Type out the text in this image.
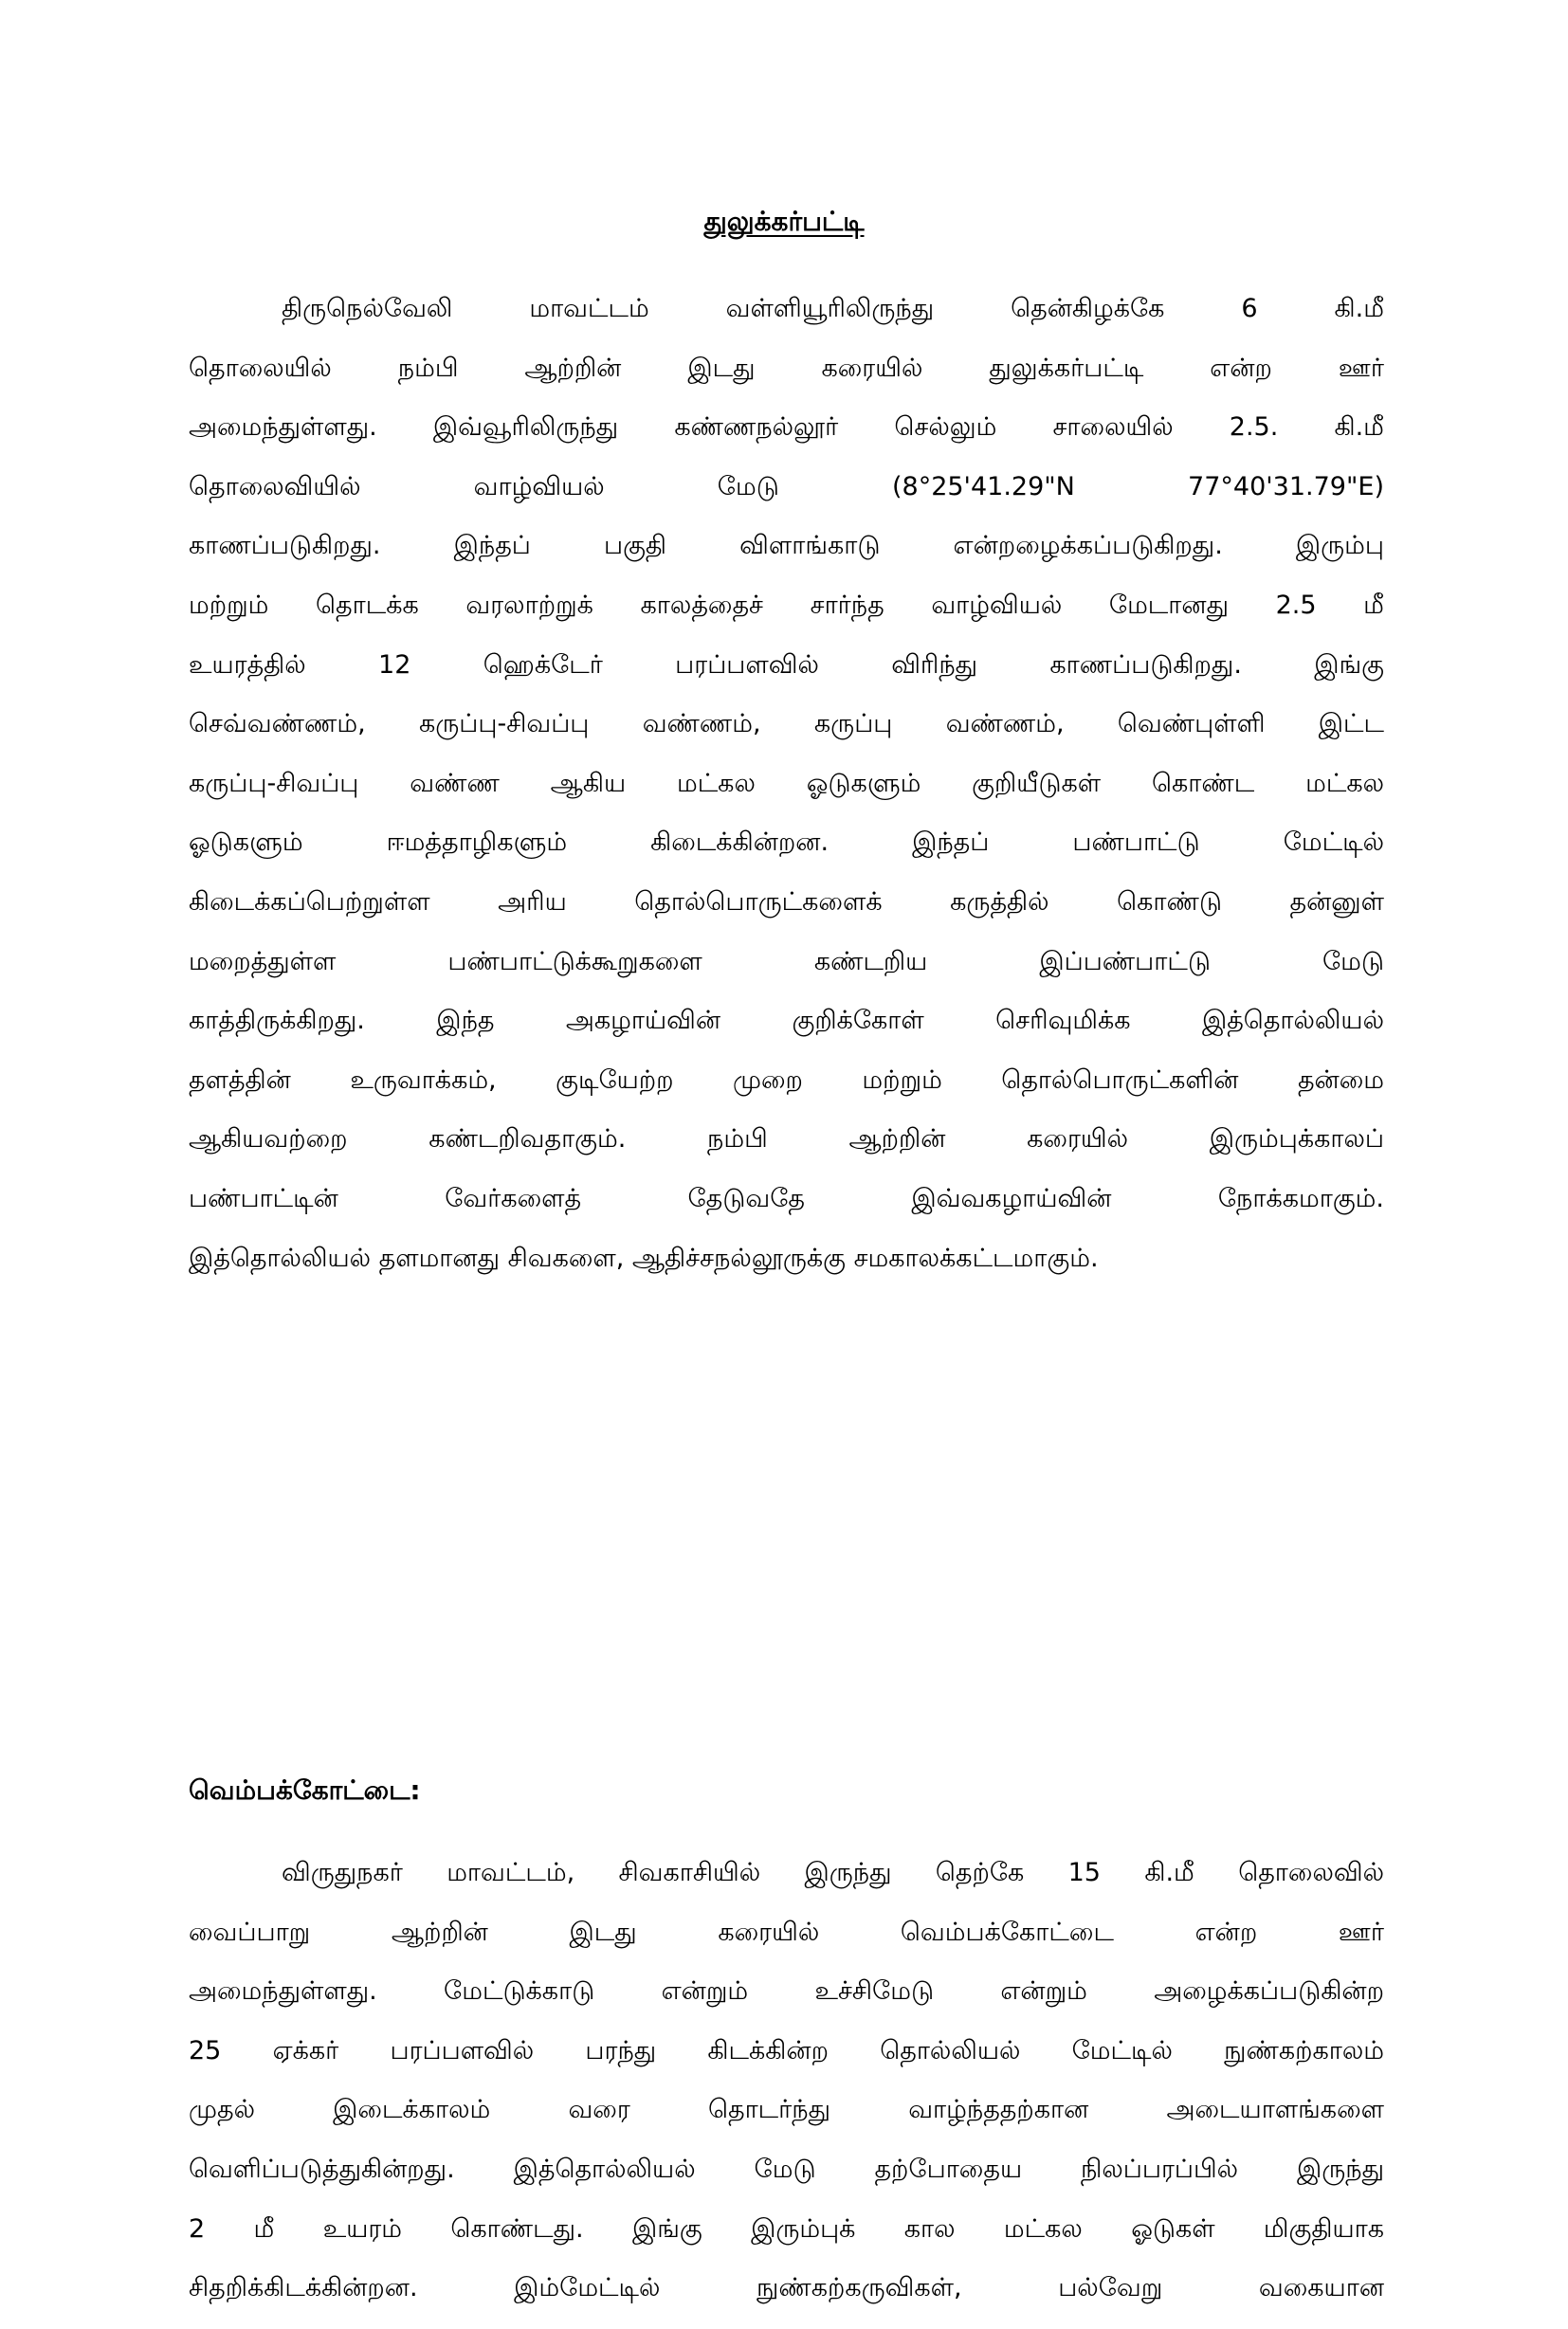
துலுக்கர்பட்டி
திருநெல்வேலி மாவட்டம் வள்ளியூரிலிருந்து தென்கிழக்கே 6 கி.மீ
தொலையில் நம்பி ஆற்றின் இடது கரையில் துலுக்கர்பட்டி என்ற ஊர்
அமைந்துள்ளது. இவ்வூரிலிருந்து கண்ணநல்லூர் செல்லும் சாலையில் 2.5. கி.மீ
தொலைவியில் வாழ்வியல் மேடு (8°25'41.29"N 77°40'31.79"E)
காணப்படுகிறது. இந்தப் பகுதி விளாங்காடு என்றழைக்கப்படுகிறது. இரும்பு
மற்றும் தொடக்க வரலாற்றுக் காலத்தைச் சார்ந்த வாழ்வியல் மேடானது 2.5 மீ
உயரத்தில் 12 ஹெக்டேர் பரப்பளவில் விரிந்து காணப்படுகிறது. இங்கு
செவ்வண்ணம், கருப்பு-சிவப்பு வண்ணம், கருப்பு வண்ணம், வெண்புள்ளி இட்ட
கருப்பு-சிவப்பு வண்ண ஆகிய மட்கல ஓடுகளும் குறியீடுகள் கொண்ட மட்கல
ஓடுகளும் ஈமத்தாழிகளும் கிடைக்கின்றன. இந்தப் பண்பாட்டு மேட்டில்
கிடைக்கப்பெற்றுள்ள அரிய தொல்பொருட்களைக் கருத்தில் கொண்டு தன்னுள்
மறைத்துள்ள பண்பாட்டுக்கூறுகளை கண்டறிய இப்பண்பாட்டு மேடு
காத்திருக்கிறது. இந்த அகழாய்வின் குறிக்கோள் செரிவுமிக்க இத்தொல்லியல்
தளத்தின் உருவாக்கம், குடியேற்ற முறை மற்றும் தொல்பொருட்களின் தன்மை
ஆகியவற்றை கண்டறிவதாகும். நம்பி ஆற்றின் கரையில் இரும்புக்காலப்
பண்பாட்டின் வேர்களைத் தேடுவதே இவ்வகழாய்வின் நோக்கமாகும்.
இத்தொல்லியல் தளமானது சிவகளை, ஆதிச்சநல்லூருக்கு சமகாலக்கட்டமாகும்.
வெம்பக்கோட்டை:
விருதுநகர் மாவட்டம், சிவகாசியில் இருந்து தெற்கே 15 கி.மீ தொலைவில்
வைப்பாறு ஆற்றின் இடது கரையில் வெம்பக்கோட்டை என்ற ஊர்
அமைந்துள்ளது. மேட்டுக்காடு என்றும் உச்சிமேடு என்றும் அழைக்கப்படுகின்ற
25 ஏக்கர் பரப்பளவில் பரந்து கிடக்கின்ற தொல்லியல் மேட்டில் நுண்கற்காலம்
முதல் இடைக்காலம் வரை தொடர்ந்து வாழ்ந்ததற்கான அடையாளங்களை
வெளிப்படுத்துகின்றது. இத்தொல்லியல் மேடு தற்போதைய நிலப்பரப்பில் இருந்து
2 மீ உயரம் கொண்டது. இங்கு இரும்புக் கால மட்கல ஓடுகள் மிகுதியாக
சிதறிக்கிடக்கின்றன. இம்மேட்டில் நுண்கற்கருவிகள், பல்வேறு வகையான
